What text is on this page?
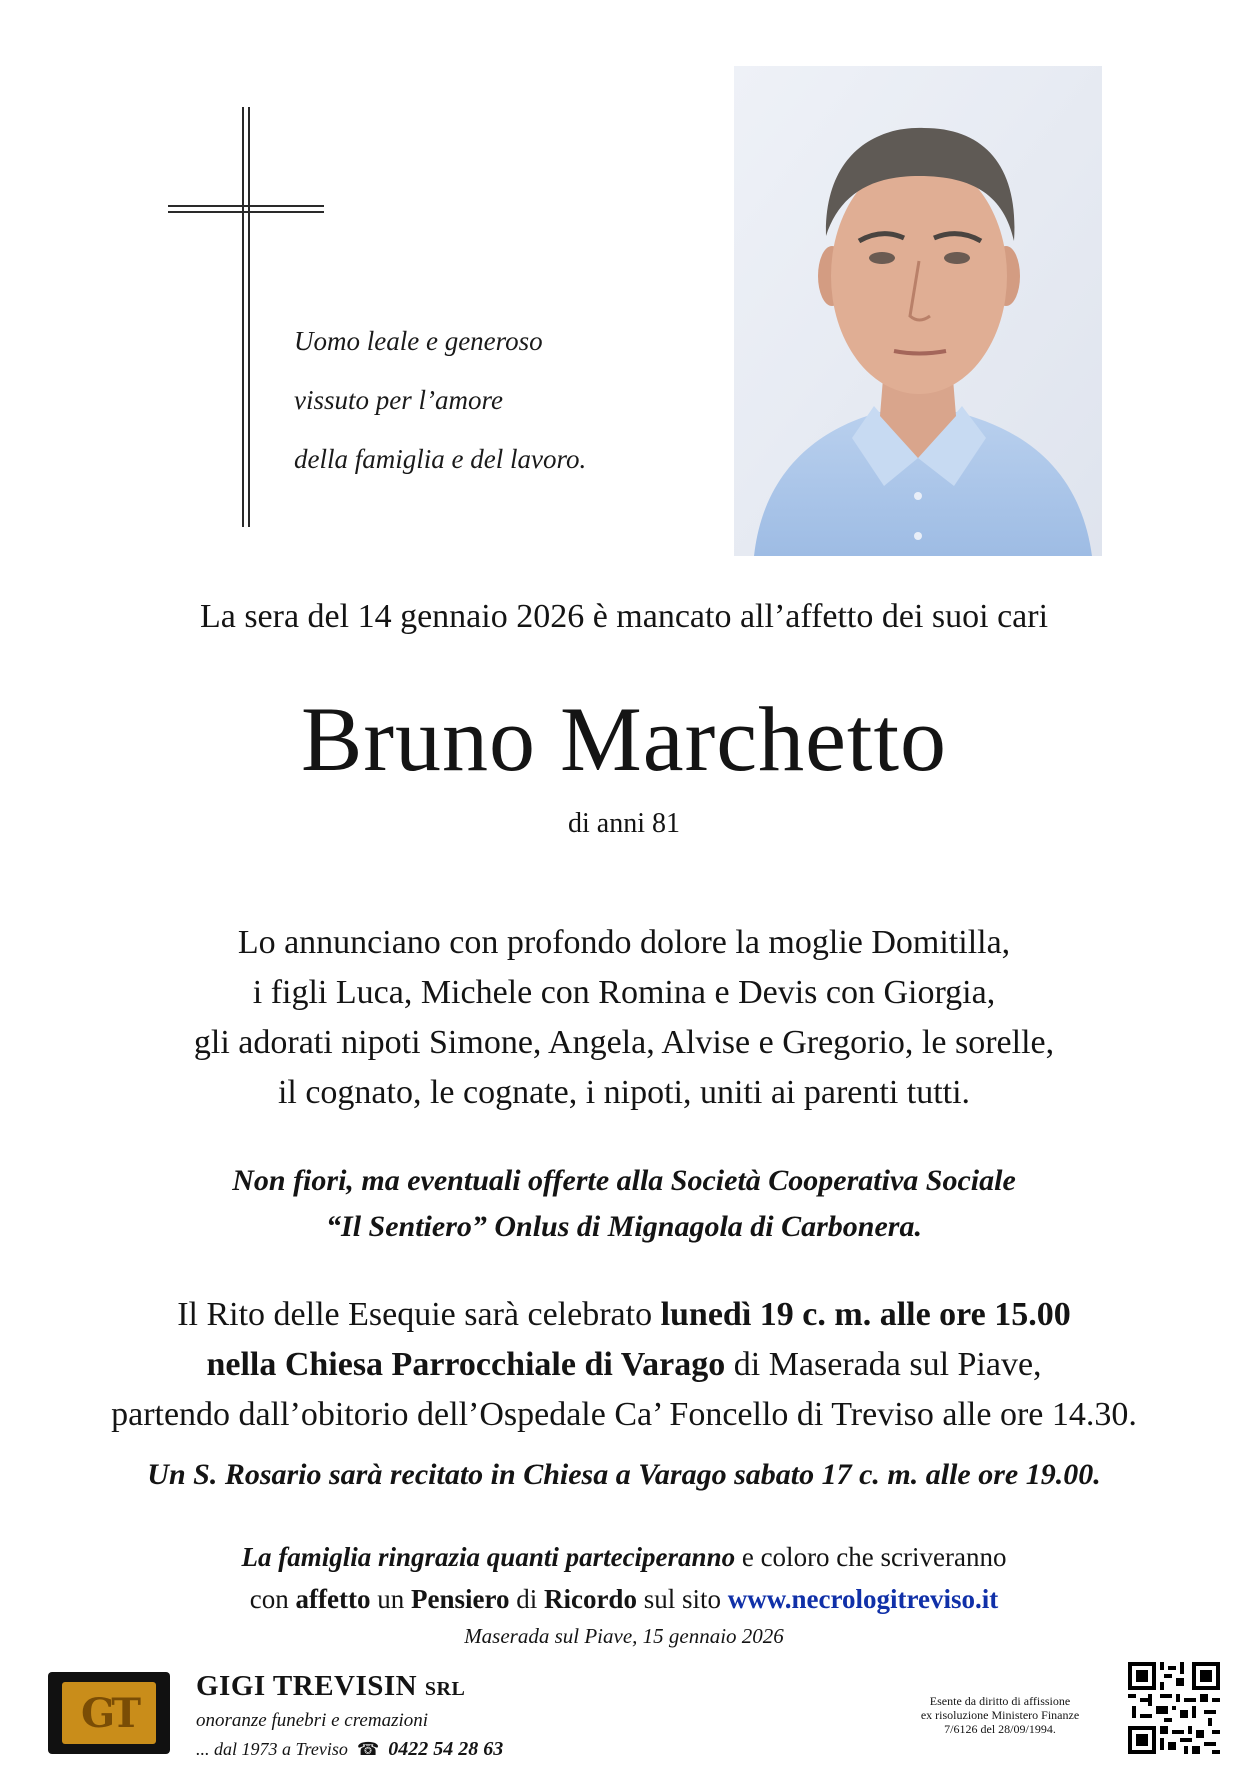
Uomo leale e generoso
vissuto per l’amore
della famiglia e del lavoro.
La sera del 14 gennaio 2026 è mancato all’affetto dei suoi cari
Bruno Marchetto
di anni 81
Lo annunciano con profondo dolore la moglie Domitilla,
i figli Luca, Michele con Romina e Devis con Giorgia,
gli adorati nipoti Simone, Angela, Alvise e Gregorio, le sorelle,
il cognato, le cognate, i nipoti, uniti ai parenti tutti.
Non fiori, ma eventuali offerte alla Società Cooperativa Sociale
“Il Sentiero” Onlus di Mignagola di Carbonera.
Il Rito delle Esequie sarà celebrato lunedì 19 c. m. alle ore 15.00
nella Chiesa Parrocchiale di Varago di Maserada sul Piave,
partendo dall’obitorio dell’Ospedale Ca’ Foncello di Treviso alle ore 14.30.
Un S. Rosario sarà recitato in Chiesa a Varago sabato 17 c. m. alle ore 19.00.
La famiglia ringrazia quanti parteciperanno e coloro che scriveranno
con affetto un Pensiero di Ricordo sul sito www.necrologitreviso.it
Maserada sul Piave, 15 gennaio 2026
GT
GIGI TREVISIN SRL
onoranze funebri e cremazioni
... dal 1973 a Treviso ☎ 0422 54 28 63
Esente da diritto di affissione
ex risoluzione Ministero Finanze
7/6126 del 28/09/1994.
